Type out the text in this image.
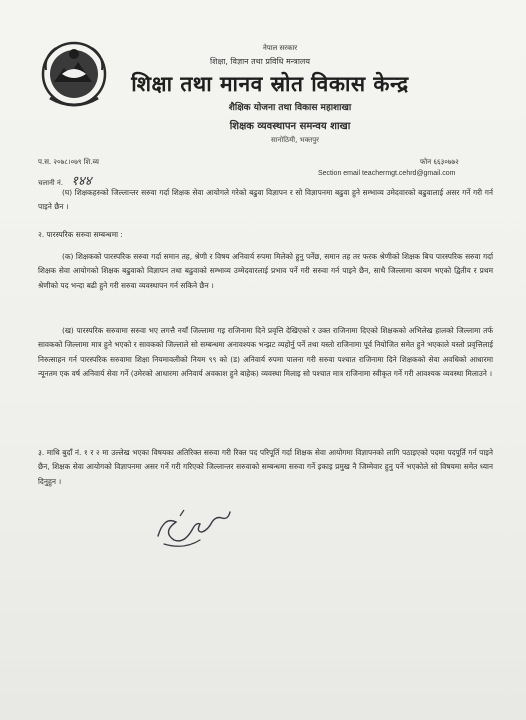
नेपाल सरकार
शिक्षा, विज्ञान तथा प्रविधि मन्त्रालय
शिक्षा तथा मानव स्रोत विकास केन्द्र
शैक्षिक योजना तथा विकास महाशाखा
शिक्षक व्यवस्थापन समन्वय शाखा
सानोठिमी, भक्तपुर
प.स. २०७८।०७९ शि.व्य
चलानी नं. १४४
फोन ६६३०७७२
Section email teachermgt.cehrd@gmail.com
(घ) शिक्षकहरुको जिल्लान्तर सरुवा गर्दा शिक्षक सेवा आयोगले गरेको बढुवा विज्ञापन र सो विज्ञापनमा बढुवा हुने सम्भाव्य उमेदवारको बढुवालाई असर गर्ने गरी गर्न पाइने छैन ।
२. पारस्परिक सरुवा सम्बन्धमा :
(क) शिक्षकको पारस्परिक सरुवा गर्दा समान तह, श्रेणी र विषय अनिवार्य रुपमा मिलेको हुनु पर्नेछ, समान तह तर फरक श्रेणीको शिक्षक बिच पारस्परिक सरुवा गर्दा शिक्षक सेवा आयोगको शिक्षक बढुवाको विज्ञापन तथा बढुवाको सम्भाव्य उम्मेदवारलाई प्रभाव पर्ने गरी सरुवा गर्न पाइने छैन, साथै जिल्लामा कायम भएको द्वितीय र प्रथम श्रेणीको पद भन्दा बढी हुने गरी सरुवा व्यवस्थापन गर्न सकिने छैन ।
(ख) पारस्परिक सरुवामा सरुवा भए लगत्तै नयाँ जिल्लामा गइ राजिनामा दिने प्रवृत्ति देखिएको र उक्त राजिनामा दिएको शिक्षकको अभिलेख हालको जिल्लामा तर्फ सावकको जिल्लामा मात्र हुने भएको र सावकको जिल्लाले सो सम्बन्धमा अनावश्यक भन्झट व्यहोर्नु पर्ने तथा यस्तो राजिनामा पूर्व नियोजित समेत हुने भएकाले यस्तो प्रवृत्तिलाई निरुत्साहन गर्न पारस्परिक सरुवामा शिक्षा नियमावलीको नियम ९९ को (ड) अनिवार्य रुपमा पालना गरी सरुवा पश्चात राजिनामा दिने शिक्षकको सेवा अवधिको आधारमा न्यूनतम एक वर्ष अनिवार्य सेवा गर्ने (उमेरको आधारमा अनिवार्य अवकाश हुने बाहेक) व्यवस्था मिलाइ सो पश्चात मात्र राजिनामा स्वीकृत गर्ने गरी आवश्यक व्यवस्था मिलाउने ।
३. माथि बुदाँ नं. १ र २ मा उल्लेख भएका विषयका अतिरिक्त सरुवा गरी रिक्त पद परिपूर्ति गर्दा शिक्षक सेवा आयोगमा विज्ञापनको लागि पठाइएको पदमा पदपूर्ति गर्न पाइने छैन, शिक्षक सेवा आयोगको विज्ञापनमा असर गर्ने गरी गरिएको जिल्लान्तर सरुवाको सम्बन्धमा सरुवा गर्ने इकाइ प्रमुख नै जिम्मेवार हुनु पर्ने भएकोले सो विषयमा समेत ध्यान दिनुहुन ।
